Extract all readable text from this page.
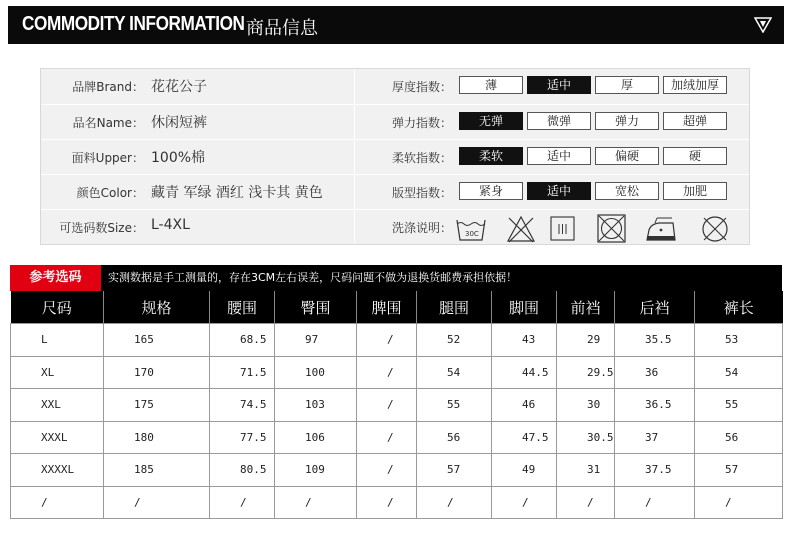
COMMODITY INFORMATION 商品信息
品牌Brand： 花花公子
品名Name： 休闲短裤
面料Upper： 100%棉
颜色Color： 藏青 军绿 酒红 浅卡其 黄色
可选码数Size： L-4XL
厚度指数：	薄	适中	厚	加绒加厚
弹力指数：	无弹	微弹	弹力	超弹
柔软指数：	柔软	适中	偏硬	硬
版型指数：	紧身	适中	宽松	加肥
洗涤说明： 30C
参考选码	实测数据是手工测量的，存在3CM左右误差，尺码问题不做为退换货邮费承担依据！
尺码	规格	腰围	臀围	脾围	腿围	脚围	前裆	后裆	裤长
L	165	68.5	97	/	52	43	29	35.5	53
XL	170	71.5	100	/	54	44.5	29.5	36	54
XXL	175	74.5	103	/	55	46	30	36.5	55
XXXL	180	77.5	106	/	56	47.5	30.5	37	56
XXXXL	185	80.5	109	/	57	49	31	37.5	57
/	/	/	/	/	/	/	/	/	/
